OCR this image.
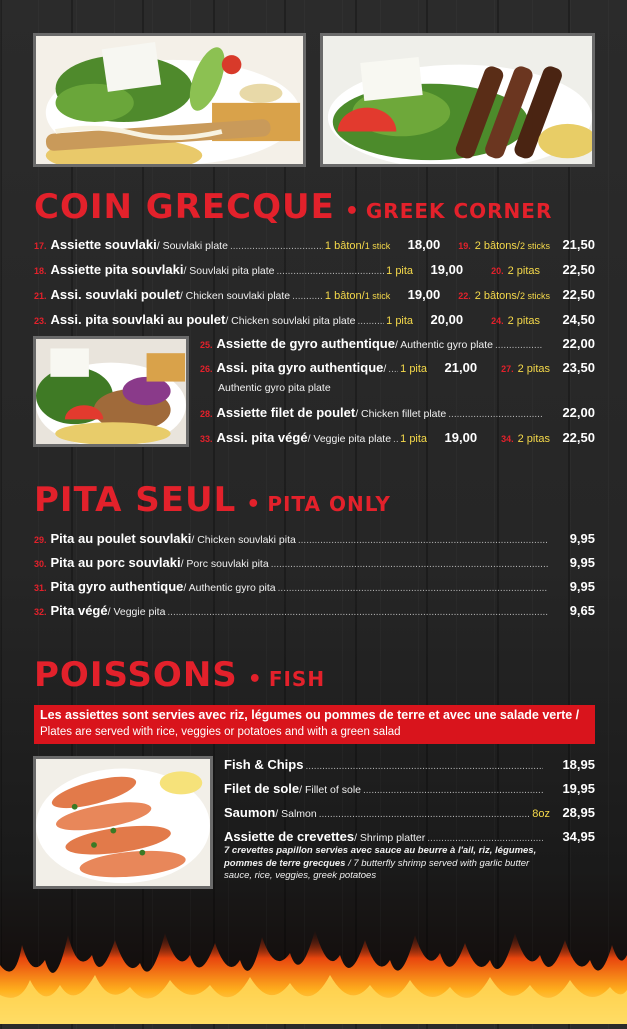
COIN GRECQUE • GREEK CORNER
17. Assiette souvlaki / Souvlaki plate .....	1 bâton/ 1 stick	18,00 19. 2 bâtons/ 2 sticks 21,50
18. Assiette pita souvlaki / Souvlaki pita plate .....	1 pita	19,00	20. 2 pitas	22,50
21. Assi. souvlaki poulet / Chicken souvlaki plate .....	1 bâton/ 1 stick	19,00 22. 2 bâtons/ 2 sticks 22,50
23. Assi. pita souvlaki au poulet / Chicken souvlaki pita plate .....	1 pita	20,00	24. 2 pitas	24,50
25. Assiette de gyro authentique / Authentic gyro plate .....	22,00
26. Assi. pita gyro authentique / ..... 1 pita	21,00	27. 2 pitas 23,50
Authentic gyro pita plate
28. Assiette filet de poulet / Chicken fillet plate .....	22,00
33. Assi. pita végé / Veggie pita plate ..... 1 pita	19,00	34. 2 pitas 22,50
PITA SEUL • PITA ONLY
29. Pita au poulet souvlaki / Chicken souvlaki pita .....	9,95
30. Pita au porc souvlaki / Porc souvlaki pita .....	9,95
31. Pita gyro authentique / Authentic gyro pita .....	9,95
32. Pita végé / Veggie pita .....	9,65
POISSONS • FISH
Les assiettes sont servies avec riz, légumes ou pommes de terre et avec une salade verte /
Plates are served with rice, veggies or potatoes and with a green salad
Fish & Chips .....	18,95
Filet de sole / Fillet of sole .....	19,95
Saumon / Salmon .....	8oz 28,95
Assiette de crevettes / Shrimp platter .....	34,95
7 crevettes papillon servies avec sauce au beurre à l'ail, riz, légumes, pommes de terre grecques / 7 butterfly shrimp served with garlic butter sauce, rice, veggies, greek potatoes
